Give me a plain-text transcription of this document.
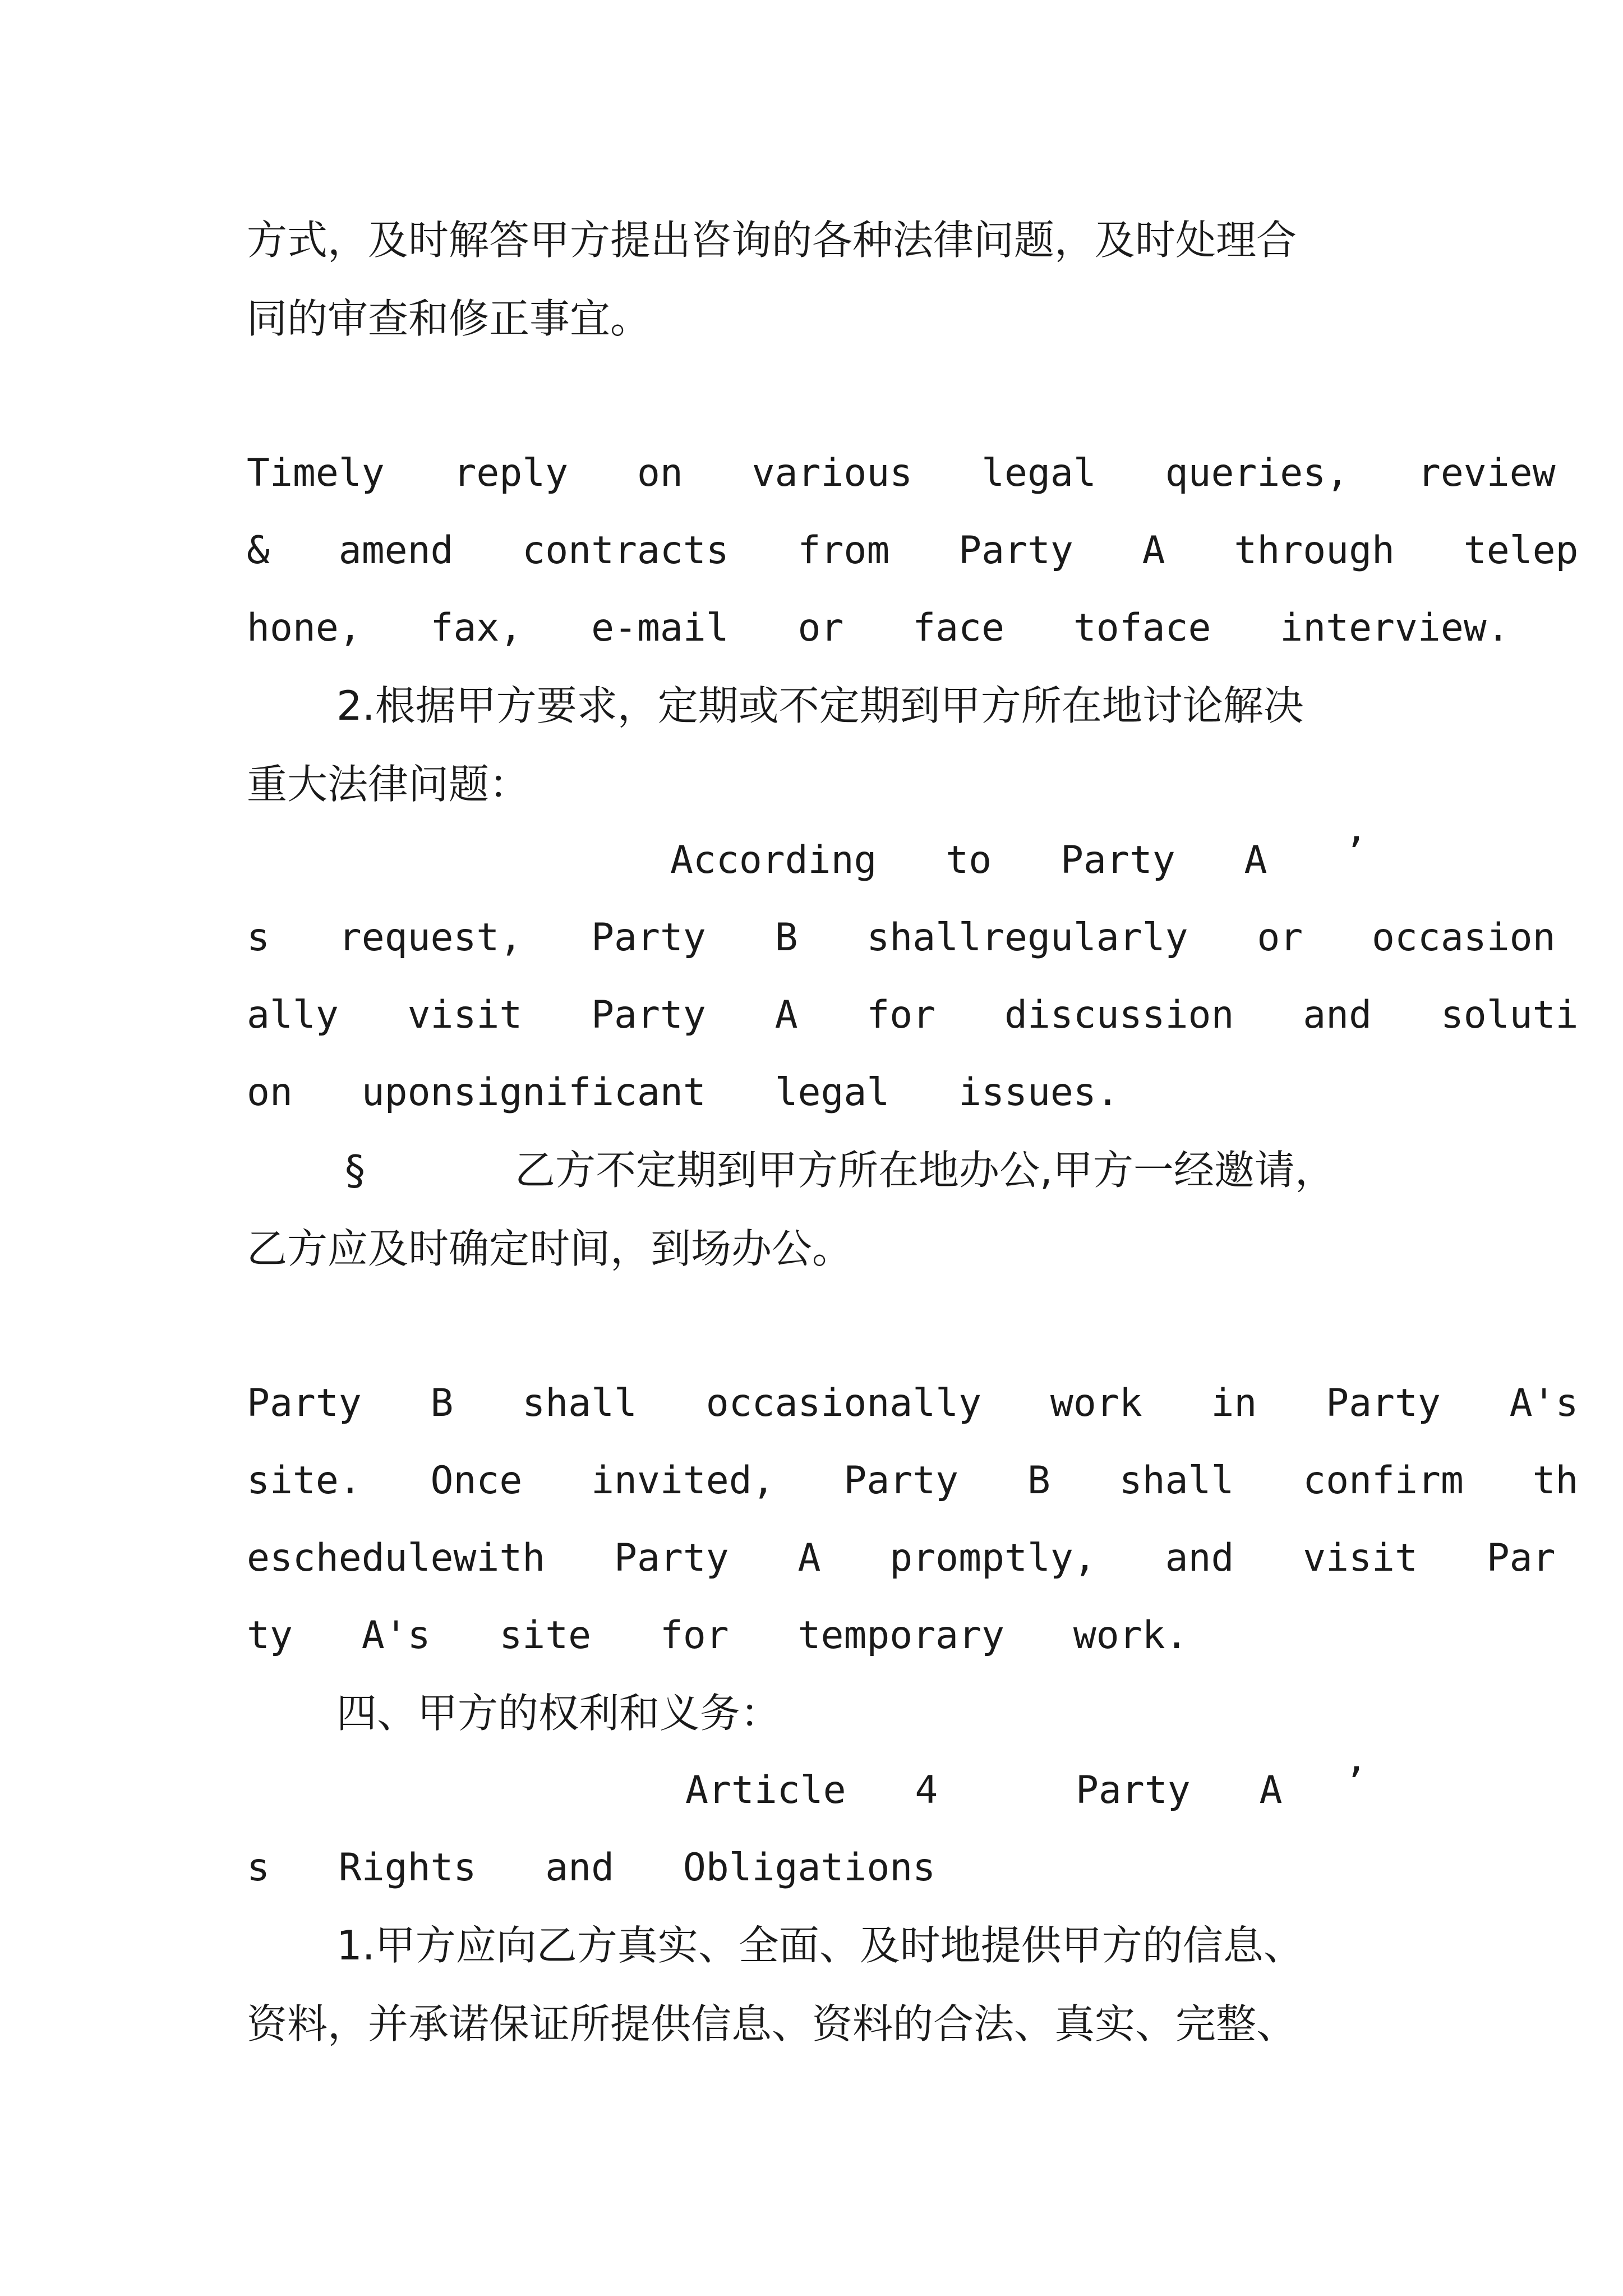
方式，及时解答甲方提出咨询的各种法律问题，及时处理合
同的审查和修正事宜。
Timely   reply   on   various   legal   queries,   review
&   amend   contracts   from   Party   A   through   telep
hone,   fax,   e-mail   or   face   toface   interview.
2.根据甲方要求，定期或不定期到甲方所在地讨论解决
重大法律问题：
According   to   Party   A ’
s   request,   Party   B   shallregularly   or   occasion
ally   visit   Party   A   for   discussion   and   soluti
on   uponsignificant   legal   issues.
§	乙方不定期到甲方所在地办公,甲方一经邀请，
乙方应及时确定时间，到场办公。
Party   B   shall   occasionally   work   in   Party   A's
site.   Once   invited,   Party   B   shall   confirm   th
eschedulewith   Party   A   promptly,   and   visit   Par
ty   A's   site   for   temporary   work.
四、甲方的权利和义务：
Article   4      Party   A ’
s   Rights   and   Obligations
1.甲方应向乙方真实、全面、及时地提供甲方的信息、
资料，并承诺保证所提供信息、资料的合法、真实、完整、
